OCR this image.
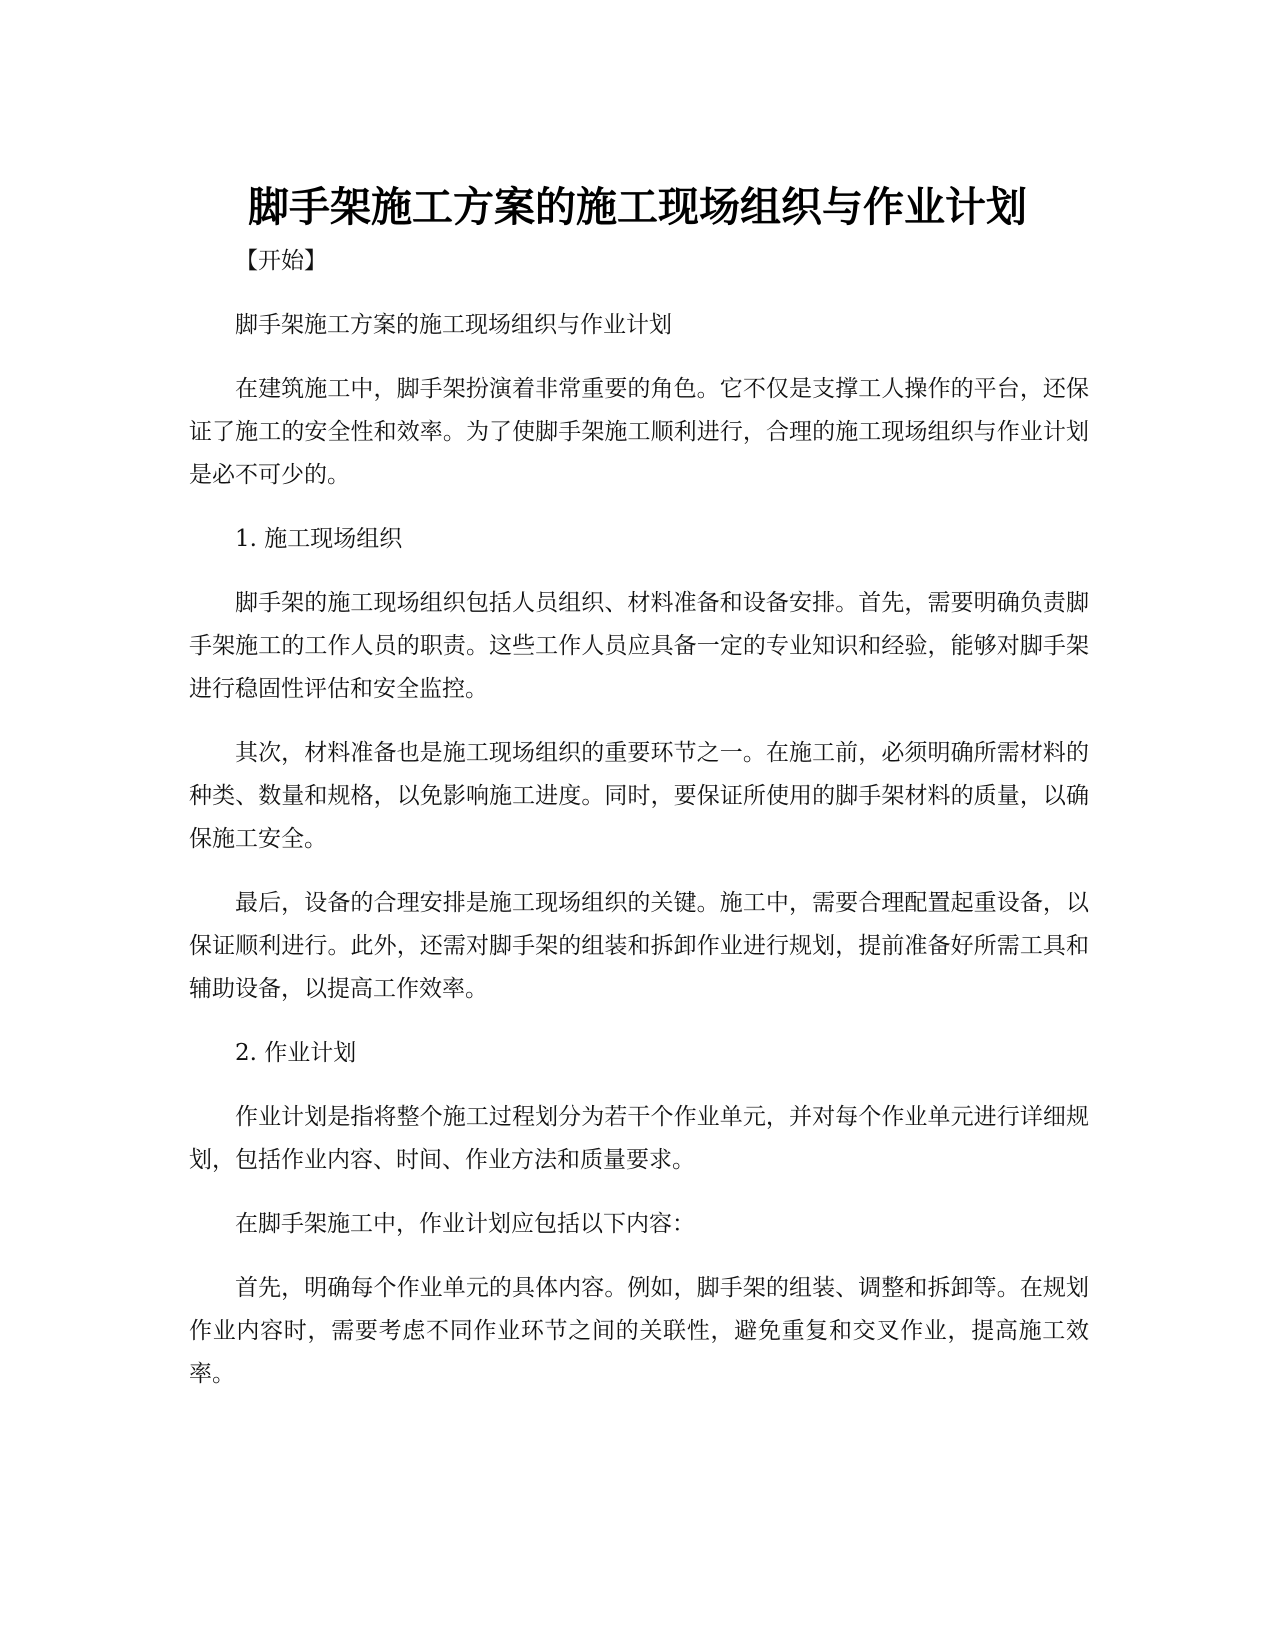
脚手架施工方案的施工现场组织与作业计划

【开始】

脚手架施工方案的施工现场组织与作业计划

在建筑施工中，脚手架扮演着非常重要的角色。它不仅是支撑工人操作的平台，还保证了施工的安全性和效率。为了使脚手架施工顺利进行，合理的施工现场组织与作业计划是必不可少的。

1. 施工现场组织

脚手架的施工现场组织包括人员组织、材料准备和设备安排。首先，需要明确负责脚手架施工的工作人员的职责。这些工作人员应具备一定的专业知识和经验，能够对脚手架进行稳固性评估和安全监控。

其次，材料准备也是施工现场组织的重要环节之一。在施工前，必须明确所需材料的种类、数量和规格，以免影响施工进度。同时，要保证所使用的脚手架材料的质量，以确保施工安全。

最后，设备的合理安排是施工现场组织的关键。施工中，需要合理配置起重设备，以保证顺利进行。此外，还需对脚手架的组装和拆卸作业进行规划，提前准备好所需工具和辅助设备，以提高工作效率。

2. 作业计划

作业计划是指将整个施工过程划分为若干个作业单元，并对每个作业单元进行详细规划，包括作业内容、时间、作业方法和质量要求。

在脚手架施工中，作业计划应包括以下内容：

首先，明确每个作业单元的具体内容。例如，脚手架的组装、调整和拆卸等。在规划作业内容时，需要考虑不同作业环节之间的关联性，避免重复和交叉作业，提高施工效率。
